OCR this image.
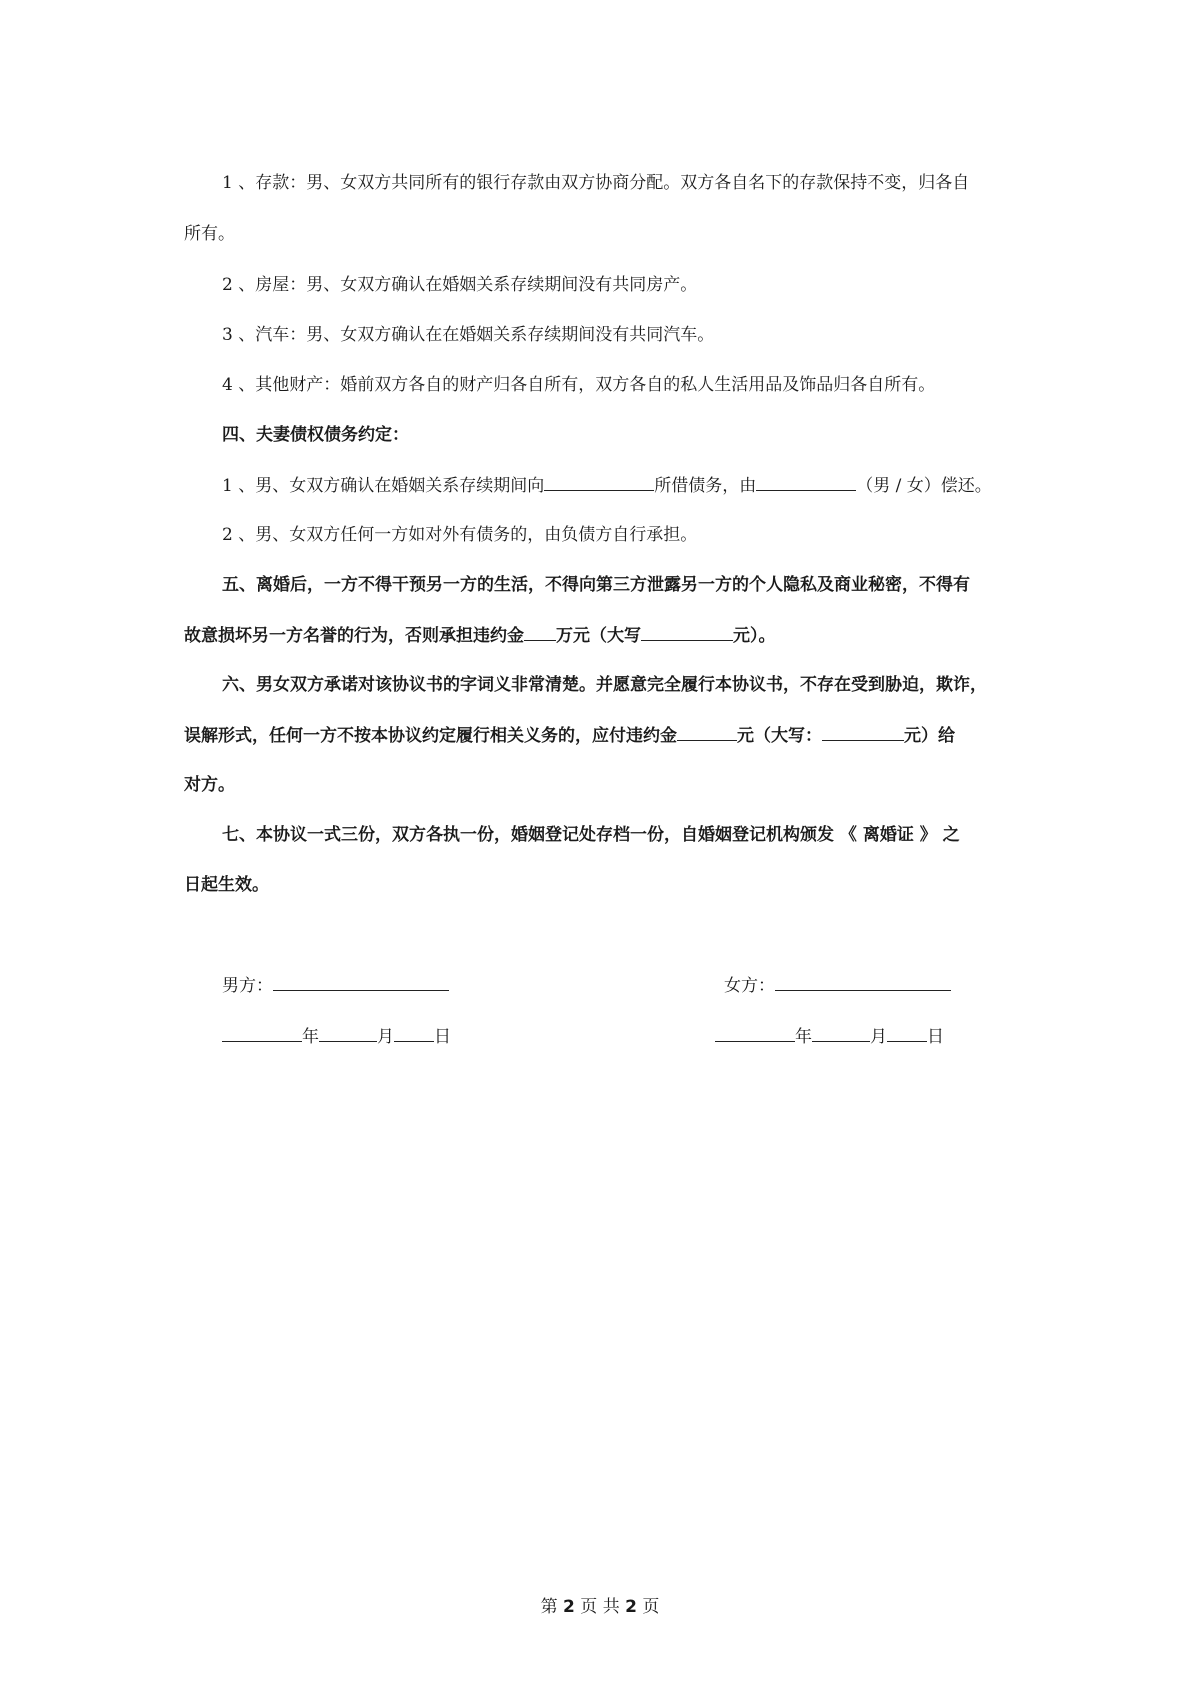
1 、存款：男、女双方共同所有的银行存款由双方协商分配。双方各自名下的存款保持不变，归各自
所有。
2 、房屋：男、女双方确认在婚姻关系存续期间没有共同房产。
3 、汽车：男、女双方确认在在婚姻关系存续期间没有共同汽车。
4 、其他财产：婚前双方各自的财产归各自所有，双方各自的私人生活用品及饰品归各自所有。
四、夫妻债权债务约定：
1 、男、女双方确认在婚姻关系存续期间向	所借债务，由	（男 / 女）偿还。
2 、男、女双方任何一方如对外有债务的，由负债方自行承担。
五、离婚后，一方不得干预另一方的生活，不得向第三方泄露另一方的个人隐私及商业秘密，不得有
故意损坏另一方名誉的行为，否则承担违约金 万元（大写	元）。
六、男女双方承诺对该协议书的字词义非常清楚。并愿意完全履行本协议书，不存在受到胁迫，欺诈，
误解形式，任何一方不按本协议约定履行相关义务的，应付违约金	元（大写：	元）给
对方。
七、本协议一式三份，双方各执一份，婚姻登记处存档一份，自婚姻登记机构颁发 《 离婚证 》 之
日起生效。
男方：	女方：
年	月 日	年	月 日
第 2 页 共 2 页
